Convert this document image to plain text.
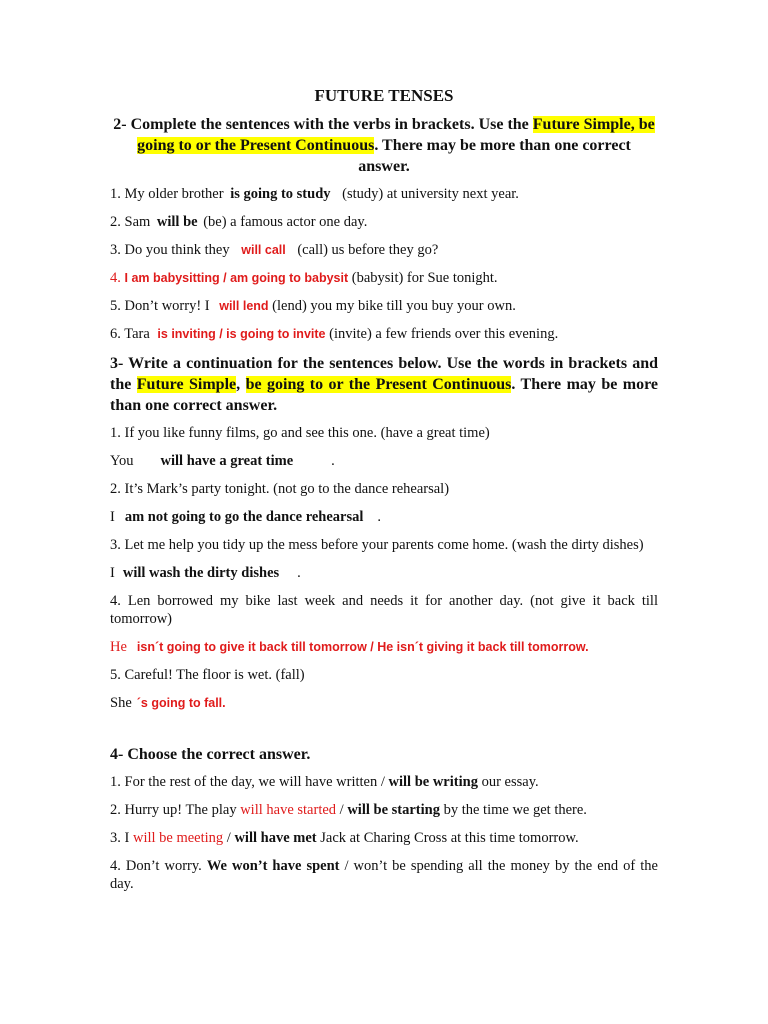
FUTURE TENSES
2- Complete the sentences with the verbs in brackets. Use the Future Simple, be going to or the Present Continuous. There may be more than one correct answer.
1. My older brother is going to study (study) at university next year.
2. Sam will be (be) a famous actor one day.
3. Do you think they will call (call) us before they go?
4. I am babysitting / am going to babysit (babysit) for Sue tonight.
5. Don’t worry! I will lend (lend) you my bike till you buy your own.
6. Tara is inviting / is going to invite (invite) a few friends over this evening.
3- Write a continuation for the sentences below. Use the words in brackets and the Future Simple, be going to or the Present Continuous. There may be more than one correct answer.
1. If you like funny films, go and see this one. (have a great time)
You will have a great time	.
2. It’s Mark’s party tonight. (not go to the dance rehearsal)
I am not going to go the dance rehearsal .
3. Let me help you tidy up the mess before your parents come home. (wash the dirty dishes)
I will wash the dirty dishes .
4. Len borrowed my bike last week and needs it for another day. (not give it back till tomorrow)
He isn´t going to give it back till tomorrow / He isn´t giving it back till tomorrow.
5. Careful! The floor is wet. (fall)
She ´s going to fall.
4- Choose the correct answer.
1. For the rest of the day, we will have written / will be writing our essay.
2. Hurry up! The play will have started / will be starting by the time we get there.
3. I will be meeting / will have met Jack at Charing Cross at this time tomorrow.
4. Don’t worry. We won’t have spent / won’t be spending all the money by the end of the day.
